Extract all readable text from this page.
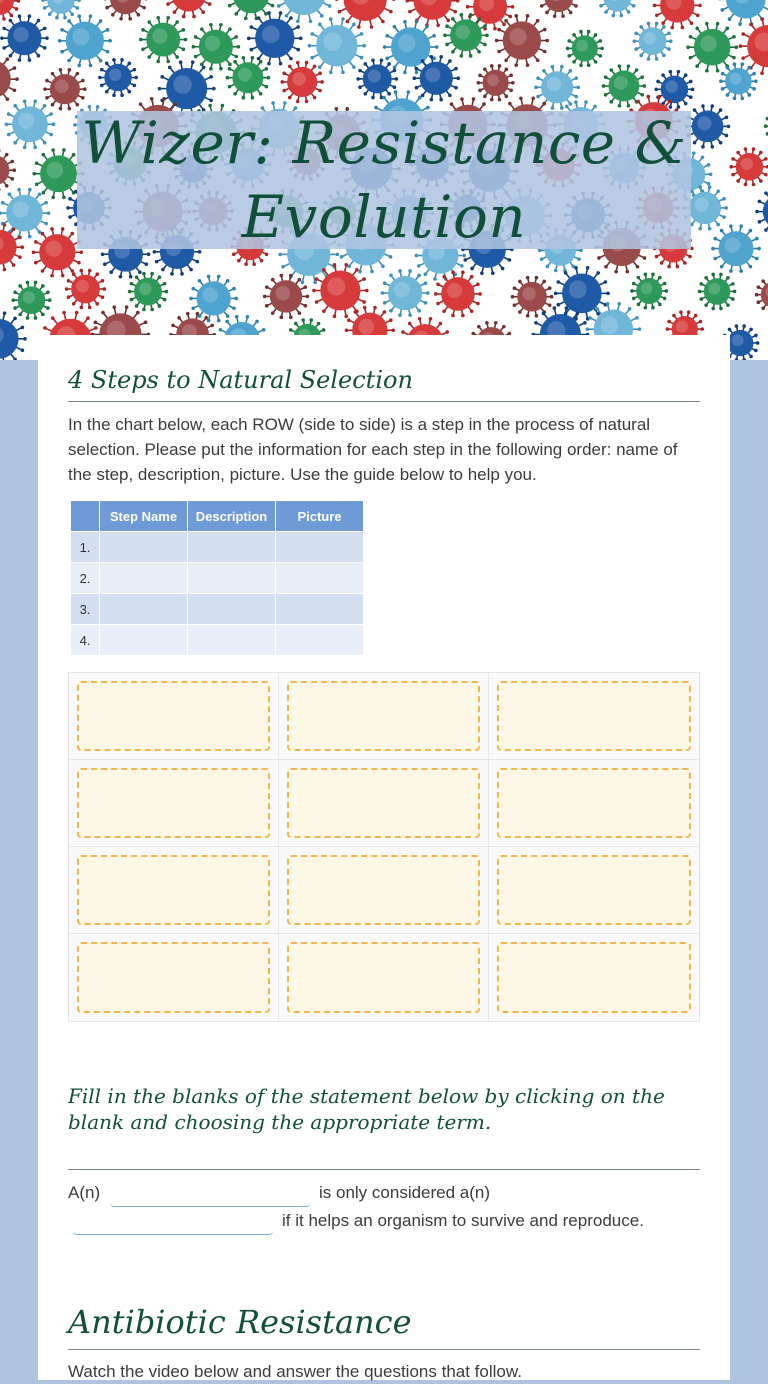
Wizer: Resistance & Evolution
4 Steps to Natural Selection

In the chart below, each ROW (side to side) is a step in the process of natural selection. Please put the information for each step in the following order: name of the step, description, picture. Use the guide below to help you.

	Step Name	Description	Picture
1.			
2.			
3.			
4.			
Fill in the blanks of the statement below by clicking on the blank and choosing the appropriate term.
A(n)	is only considered a(n)
if it helps an organism to survive and reproduce.
Antibiotic Resistance

Watch the video below and answer the questions that follow.
